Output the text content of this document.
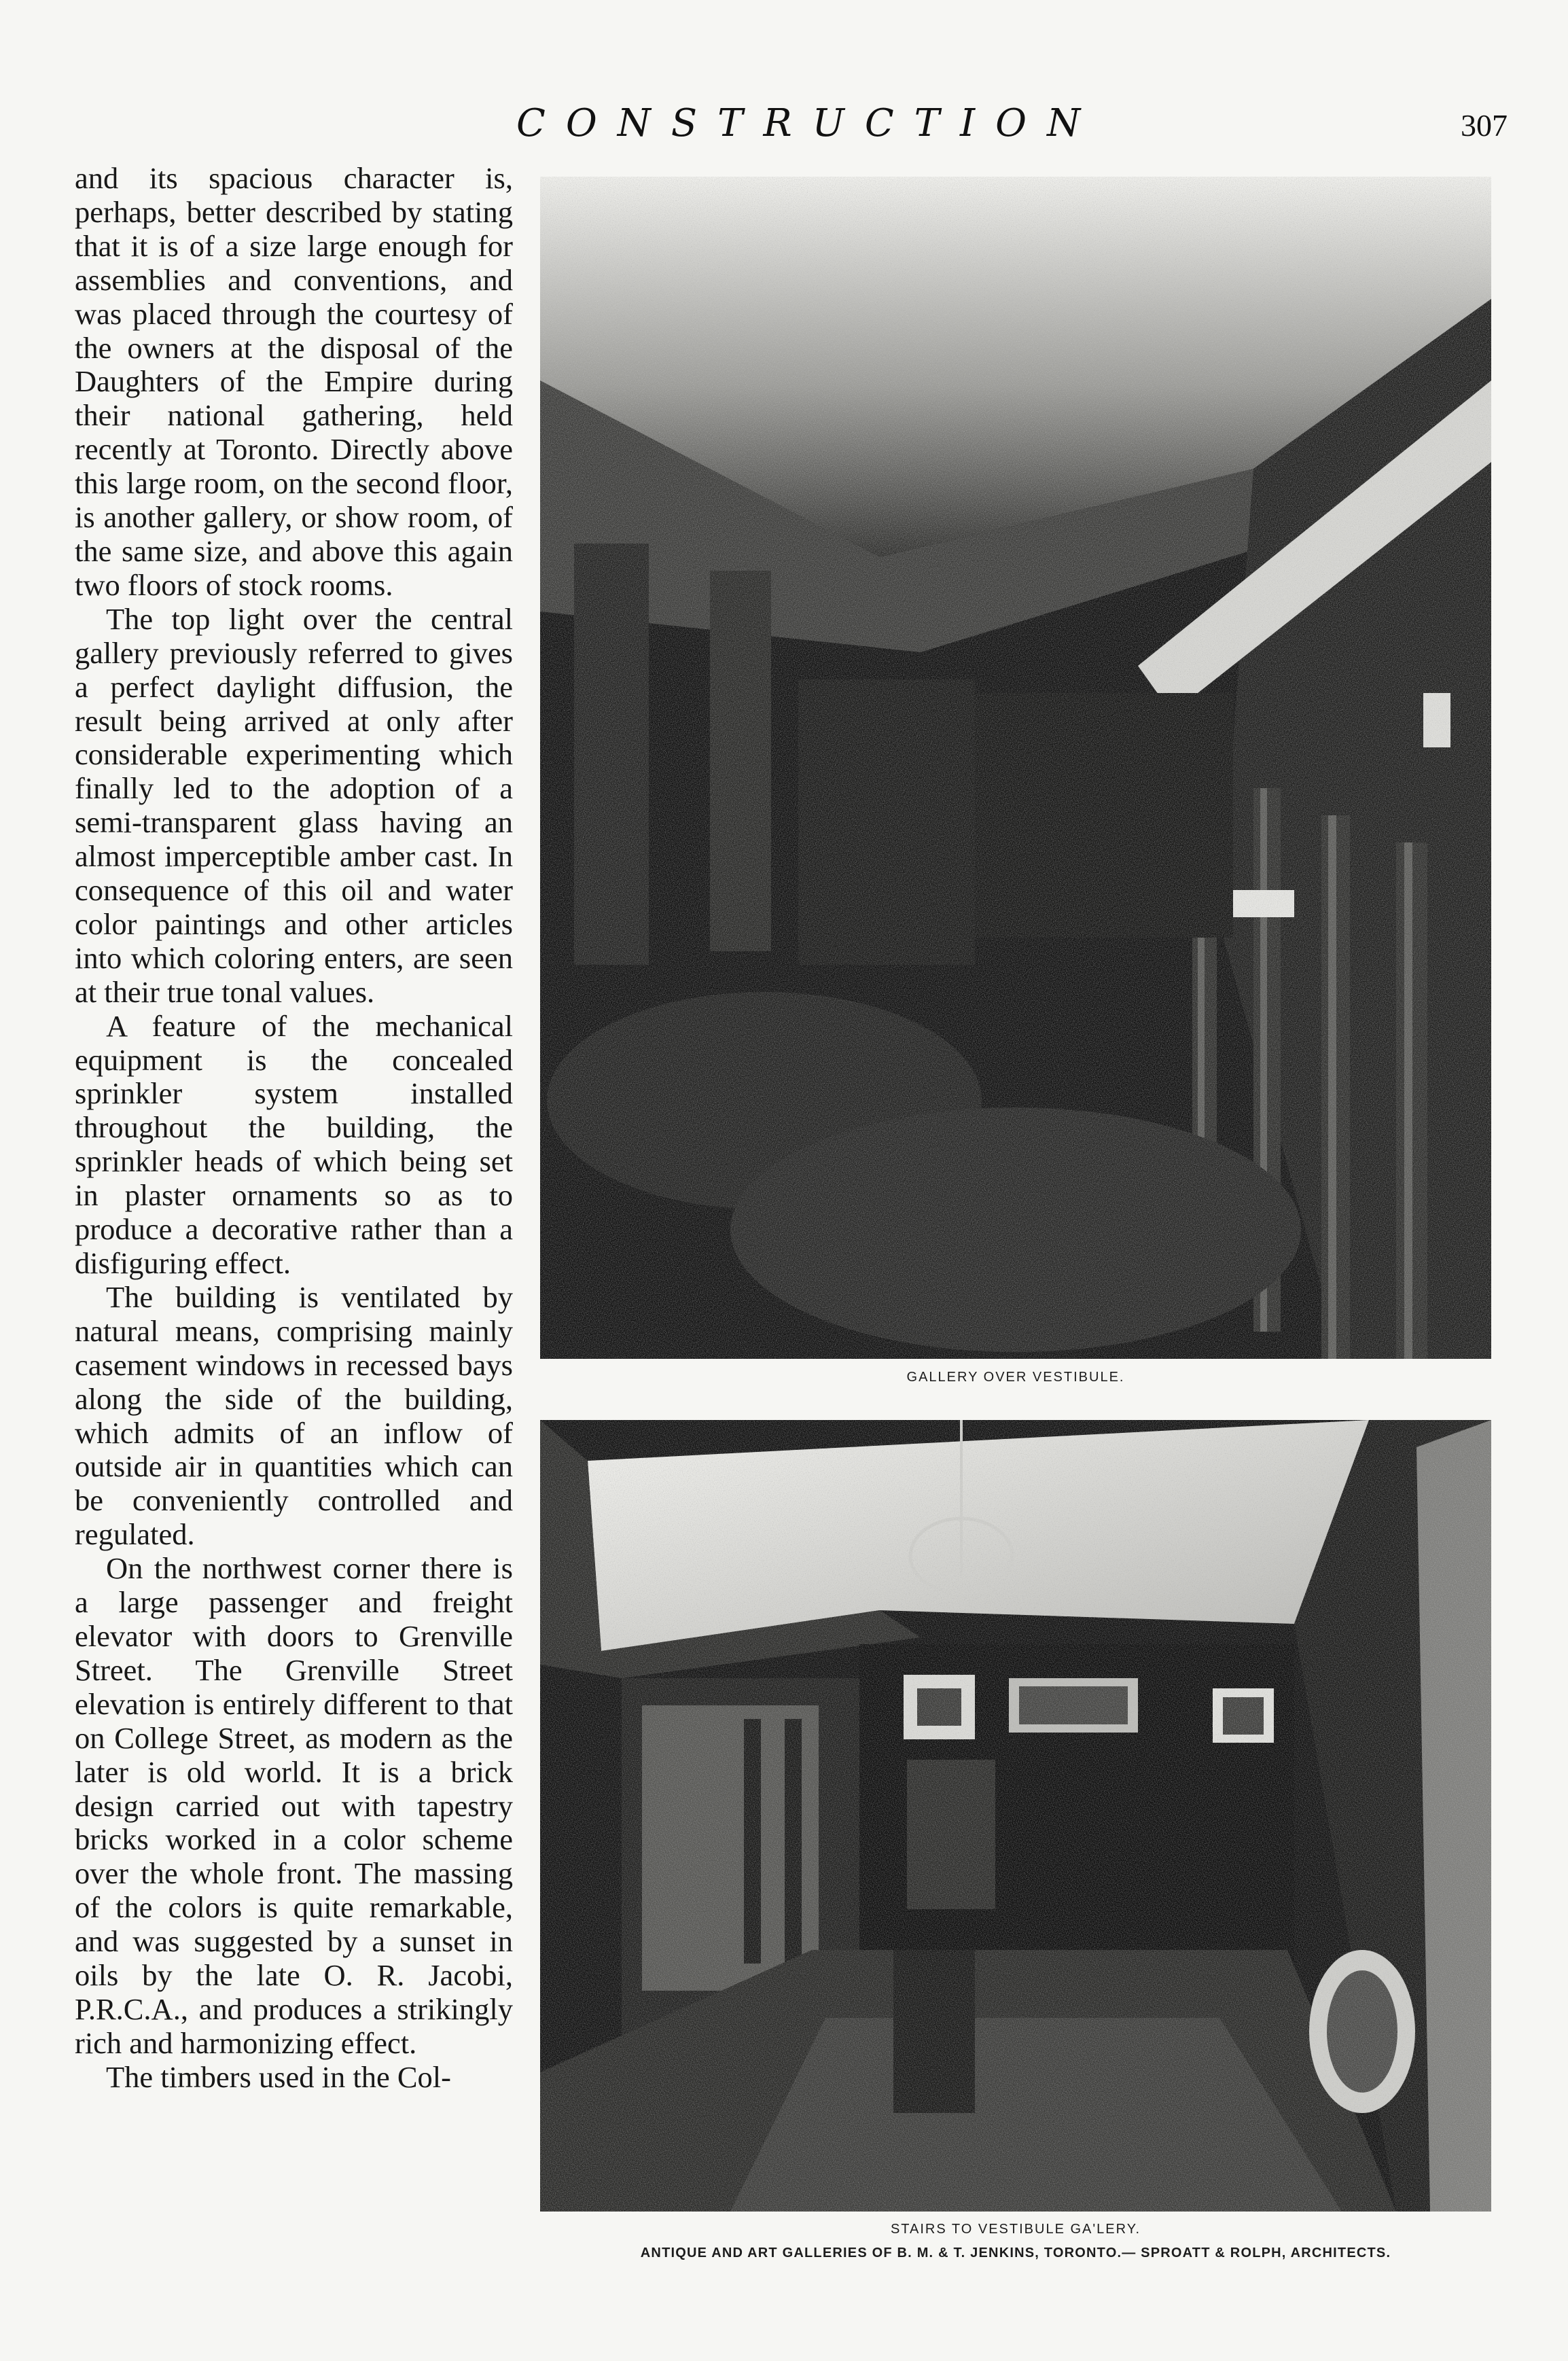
CONSTRUCTION	307

and its spacious character is, perhaps, better described by stating that it is of a size large enough for assemblies and conventions, and was placed through the courtesy of the owners at the disposal of the Daughters of the Empire during their national gathering, held recently at Toronto. Directly above this large room, on the second floor, is another gallery, or show room, of the same size, and above this again two floors of stock rooms.

The top light over the central gallery previously referred to gives a perfect daylight diffusion, the result being arrived at only after considerable experimenting which finally led to the adoption of a semi-transparent glass having an almost imperceptible amber cast. In consequence of this oil and water color paintings and other articles into which coloring enters, are seen at their true tonal values.

A feature of the mechanical equipment is the concealed sprinkler system installed throughout the building, the sprinkler heads of which being set in plaster ornaments so as to produce a decorative rather than a disfiguring effect.

The building is ventilated by natural means, comprising mainly casement windows in recessed bays along the side of the building, which admits of an inflow of outside air in quantities which can be conveniently controlled and regulated.

On the northwest corner there is a large passenger and freight elevator with doors to Grenville Street. The Grenville Street elevation is entirely different to that on College Street, as modern as the later is old world. It is a brick design carried out with tapestry bricks worked in a color scheme over the whole front. The massing of the colors is quite remarkable, and was suggested by a sunset in oils by the late O. R. Jacobi, P.R.C.A., and produces a strikingly rich and harmonizing effect.

The timbers used in the Col-

GALLERY OVER VESTIBULE.
STAIRS TO VESTIBULE GA'LERY.
ANTIQUE AND ART GALLERIES OF B. M. & T. JENKINS, TORONTO.— SPROATT & ROLPH, ARCHITECTS.
